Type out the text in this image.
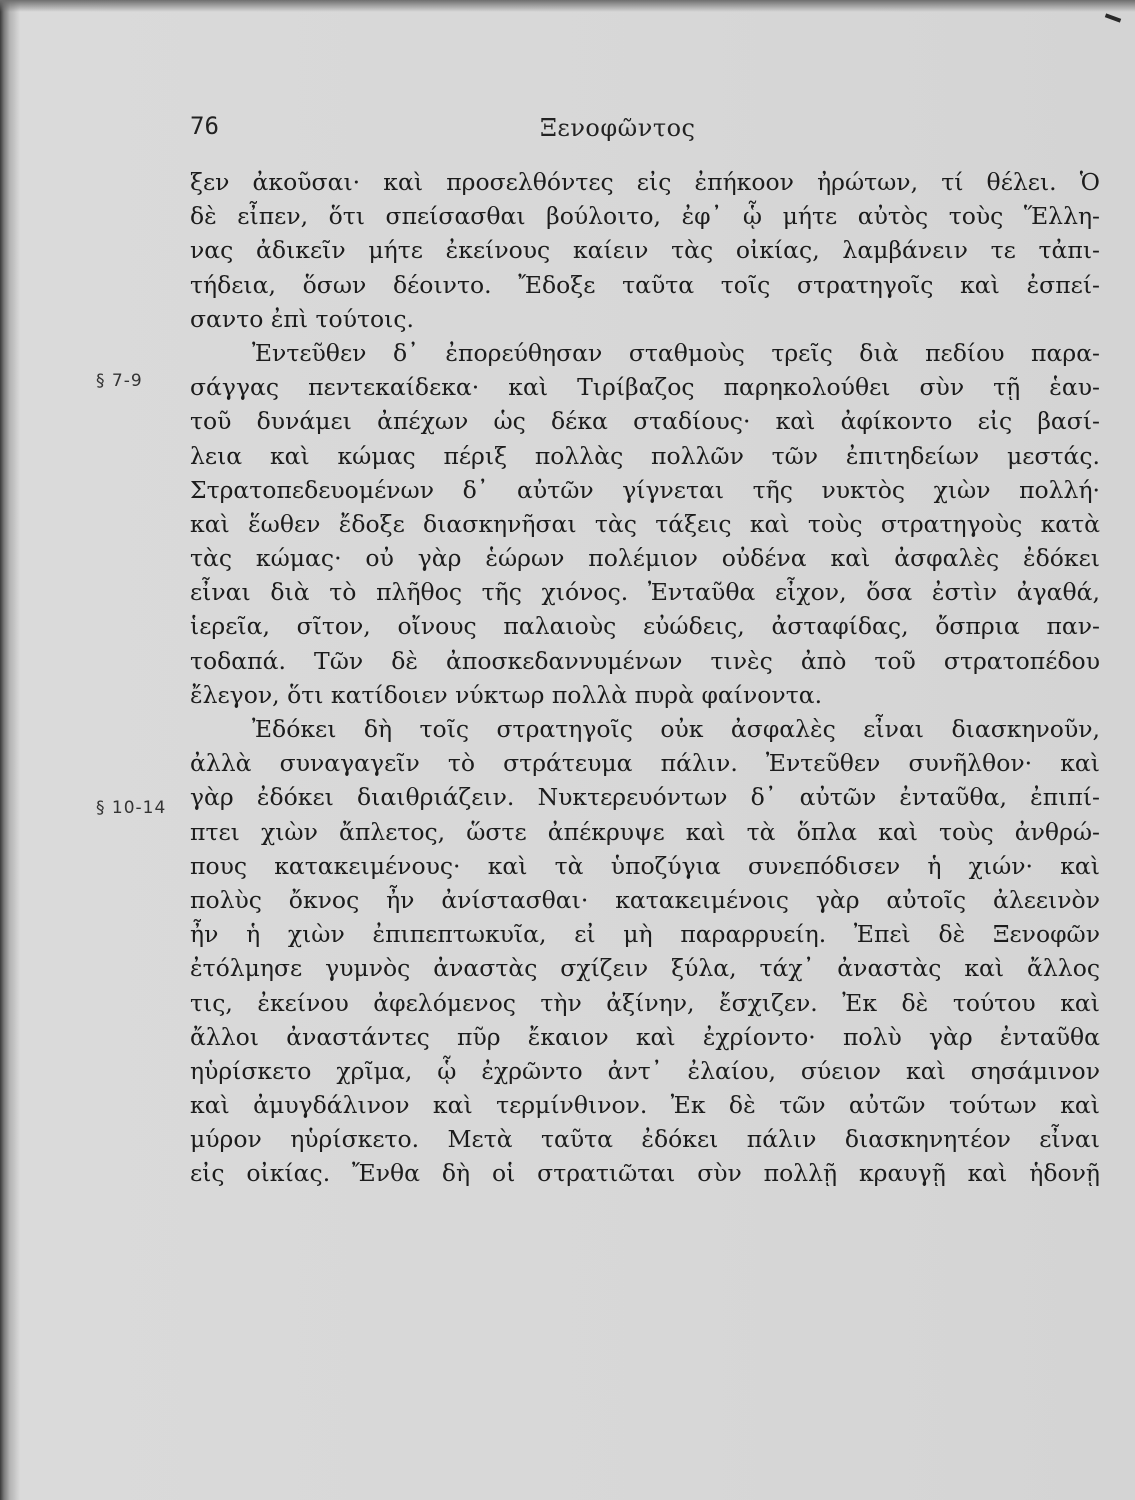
76	Ξενοφῶντος
§ 7-9
§ 10-14
ξεν ἀκοῦσαι· καὶ προσελθόντες εἰς ἐπήκοον ἠρώτων, τί θέλει. Ὁ
δὲ εἶπεν, ὅτι σπείσασθαι βούλοιτο, ἐφ᾽ ᾧ μήτε αὐτὸς τοὺς Ἕλλη-
νας ἀδικεῖν μήτε ἐκείνους καίειν τὰς οἰκίας, λαμβάνειν τε τἀπι-
τήδεια, ὅσων δέοιντο. Ἔδοξε ταῦτα τοῖς στρατηγοῖς καὶ ἐσπεί-
σαντο ἐπὶ τούτοις.
Ἐντεῦθεν δ᾽ ἐπορεύθησαν σταθμοὺς τρεῖς διὰ πεδίου παρα-
σάγγας πεντεκαίδεκα· καὶ Τιρίβαζος παρηκολούθει σὺν τῇ ἑαυ-
τοῦ δυνάμει ἀπέχων ὡς δέκα σταδίους· καὶ ἀφίκοντο εἰς βασί-
λεια καὶ κώμας πέριξ πολλὰς πολλῶν τῶν ἐπιτηδείων μεστάς.
Στρατοπεδευομένων δ᾽ αὐτῶν γίγνεται τῆς νυκτὸς χιὼν πολλή·
καὶ ἕωθεν ἔδοξε διασκηνῆσαι τὰς τάξεις καὶ τοὺς στρατηγοὺς κατὰ
τὰς κώμας· οὐ γὰρ ἑώρων πολέμιον οὐδένα καὶ ἀσφαλὲς ἐδόκει
εἶναι διὰ τὸ πλῆθος τῆς χιόνος. Ἐνταῦθα εἶχον, ὅσα ἐστὶν ἀγαθά,
ἱερεῖα, σῖτον, οἴνους παλαιοὺς εὐώδεις, ἀσταφίδας, ὄσπρια παν-
τοδαπά. Τῶν δὲ ἀποσκεδαννυμένων τινὲς ἀπὸ τοῦ στρατοπέδου
ἔλεγον, ὅτι κατίδοιεν νύκτωρ πολλὰ πυρὰ φαίνοντα.
Ἐδόκει δὴ τοῖς στρατηγοῖς οὐκ ἀσφαλὲς εἶναι διασκηνοῦν,
ἀλλὰ συναγαγεῖν τὸ στράτευμα πάλιν. Ἐντεῦθεν συνῆλθον· καὶ
γὰρ ἐδόκει διαιθριάζειν. Νυκτερευόντων δ᾽ αὐτῶν ἐνταῦθα, ἐπιπί-
πτει χιὼν ἄπλετος, ὥστε ἀπέκρυψε καὶ τὰ ὅπλα καὶ τοὺς ἀνθρώ-
πους κατακειμένους· καὶ τὰ ὑποζύγια συνεπόδισεν ἡ χιών· καὶ
πολὺς ὄκνος ἦν ἀνίστασθαι· κατακειμένοις γὰρ αὐτοῖς ἀλεεινὸν
ἦν ἡ χιὼν ἐπιπεπτωκυῖα, εἰ μὴ παραρρυείη. Ἐπεὶ δὲ Ξενοφῶν
ἐτόλμησε γυμνὸς ἀναστὰς σχίζειν ξύλα, τάχ᾽ ἀναστὰς καὶ ἄλλος
τις, ἐκείνου ἀφελόμενος τὴν ἀξίνην, ἔσχιζεν. Ἐκ δὲ τούτου καὶ
ἄλλοι ἀναστάντες πῦρ ἔκαιον καὶ ἐχρίοντο· πολὺ γὰρ ἐνταῦθα
ηὑρίσκετο χρῖμα, ᾧ ἐχρῶντο ἀντ᾽ ἐλαίου, σύειον καὶ σησάμινον
καὶ ἀμυγδάλινον καὶ τερμίνθινον. Ἐκ δὲ τῶν αὐτῶν τούτων καὶ
μύρον ηὑρίσκετο. Μετὰ ταῦτα ἐδόκει πάλιν διασκηνητέον εἶναι
εἰς οἰκίας. Ἔνθα δὴ οἱ στρατιῶται σὺν πολλῇ κραυγῇ καὶ ἡδονῇ
